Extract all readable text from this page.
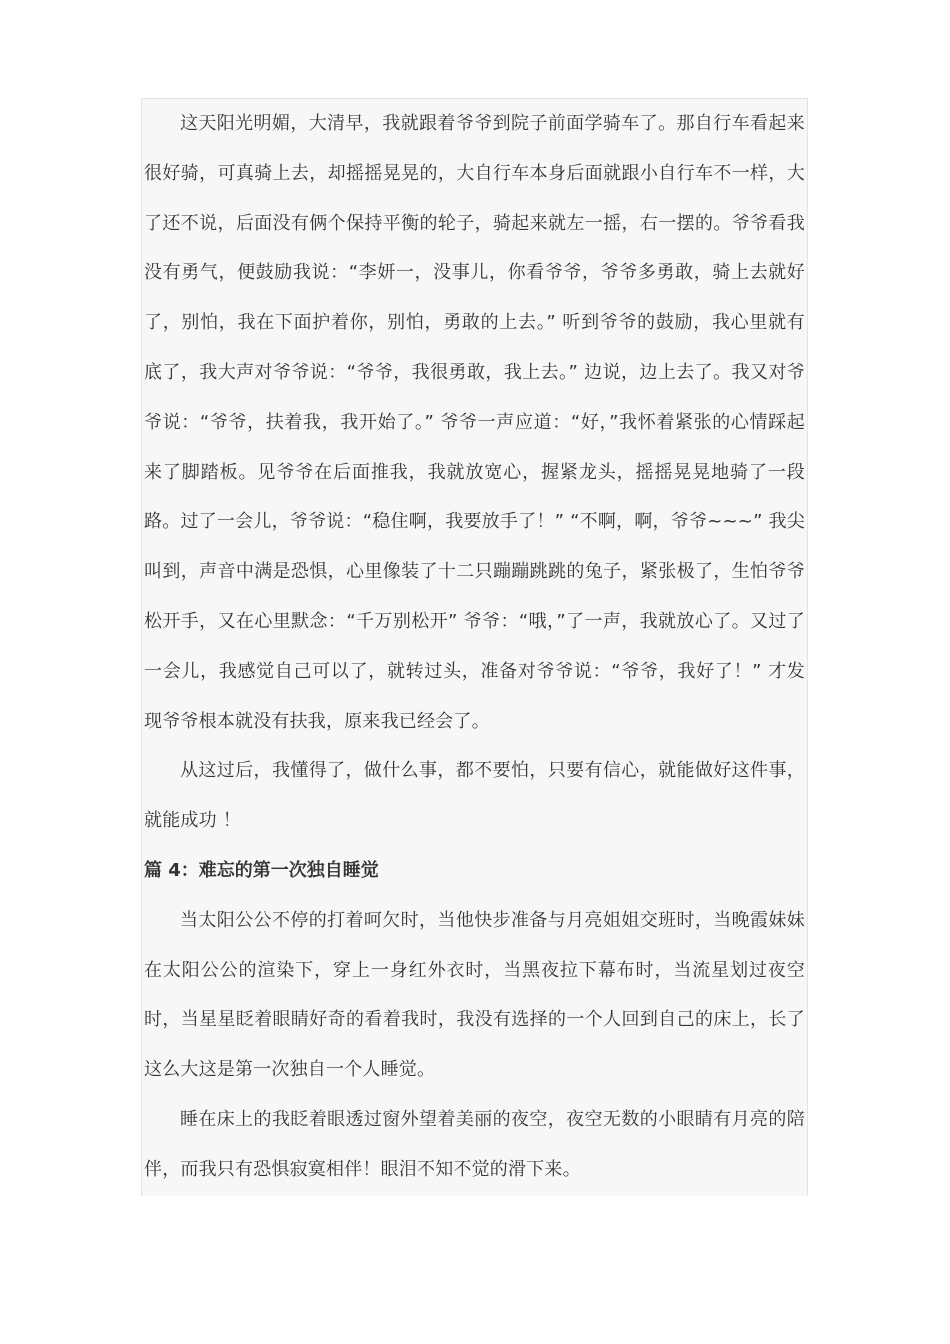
这天阳光明媚，大清早，我就跟着爷爷到院子前面学骑车了。那自行车看起来很好骑，可真骑上去，却摇摇晃晃的，大自行车本身后面就跟小自行车不一样，大了还不说，后面没有俩个保持平衡的轮子，骑起来就左一摇，右一摆的。爷爷看我没有勇气，便鼓励我说：“李妍一，没事儿，你看爷爷，爷爷多勇敢，骑上去就好了，别怕，我在下面护着你，别怕，勇敢的上去。” 听到爷爷的鼓励，我心里就有底了，我大声对爷爷说：“爷爷，我很勇敢，我上去。” 边说，边上去了。我又对爷爷说：“爷爷，扶着我，我开始了。” 爷爷一声应道：“好，”我怀着紧张的心情踩起来了脚踏板。见爷爷在后面推我，我就放宽心，握紧龙头，摇摇晃晃地骑了一段路。过了一会儿，爷爷说：“稳住啊，我要放手了！” “不啊，啊，爷爷~~~” 我尖叫到，声音中满是恐惧，心里像装了十二只蹦蹦跳跳的兔子，紧张极了，生怕爷爷松开手，又在心里默念：“千万别松开” 爷爷：“哦，”了一声，我就放心了。又过了一会儿，我感觉自己可以了，就转过头，准备对爷爷说：“爷爷，我好了！” 才发现爷爷根本就没有扶我，原来我已经会了。

从这过后，我懂得了，做什么事，都不要怕，只要有信心，就能做好这件事，就能成功 ！

篇 4：难忘的第一次独自睡觉

当太阳公公不停的打着呵欠时，当他快步准备与月亮姐姐交班时，当晚霞妹妹在太阳公公的渲染下，穿上一身红外衣时，当黑夜拉下幕布时，当流星划过夜空时，当星星眨着眼睛好奇的看着我时，我没有选择的一个人回到自己的床上，长了这么大这是第一次独自一个人睡觉。

睡在床上的我眨着眼透过窗外望着美丽的夜空，夜空无数的小眼睛有月亮的陪伴，而我只有恐惧寂寞相伴！眼泪不知不觉的滑下来。
